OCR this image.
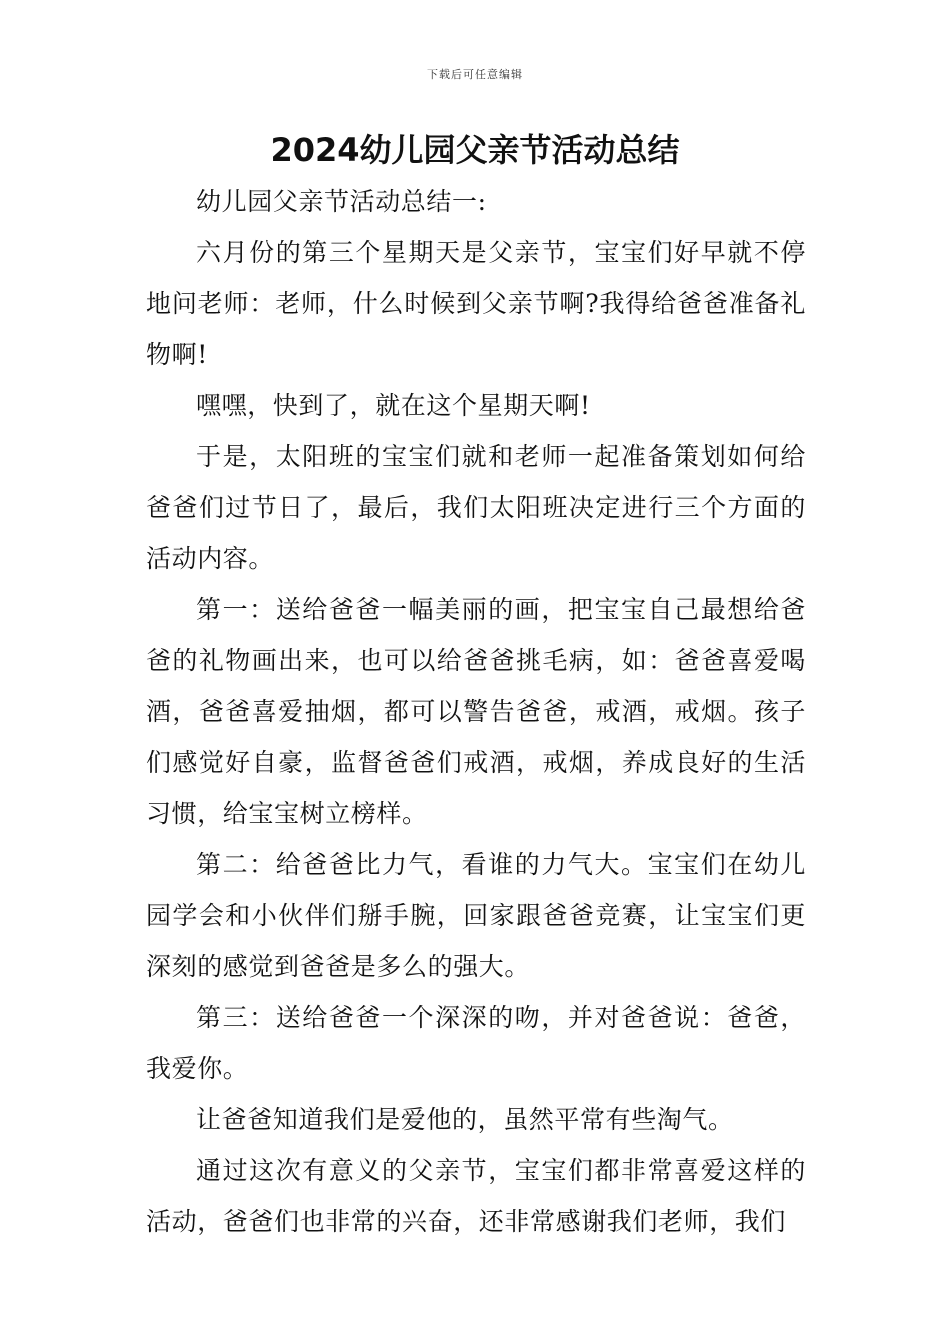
下载后可任意编辑
2024幼儿园父亲节活动总结

幼儿园父亲节活动总结一:

六月份的第三个星期天是父亲节，宝宝们好早就不停地问老师：老师，什么时候到父亲节啊?我得给爸爸准备礼物啊!

嘿嘿，快到了，就在这个星期天啊!

于是，太阳班的宝宝们就和老师一起准备策划如何给爸爸们过节日了，最后，我们太阳班决定进行三个方面的活动内容。

第一：送给爸爸一幅美丽的画，把宝宝自己最想给爸爸的礼物画出来，也可以给爸爸挑毛病，如：爸爸喜爱喝酒，爸爸喜爱抽烟，都可以警告爸爸，戒酒，戒烟。孩子们感觉好自豪，监督爸爸们戒酒，戒烟，养成良好的生活习惯，给宝宝树立榜样。

第二：给爸爸比力气，看谁的力气大。宝宝们在幼儿园学会和小伙伴们掰手腕，回家跟爸爸竞赛，让宝宝们更深刻的感觉到爸爸是多么的强大。

第三：送给爸爸一个深深的吻，并对爸爸说：爸爸，我爱你。

让爸爸知道我们是爱他的，虽然平常有些淘气。

通过这次有意义的父亲节，宝宝们都非常喜爱这样的活动，爸爸们也非常的兴奋，还非常感谢我们老师，我们
